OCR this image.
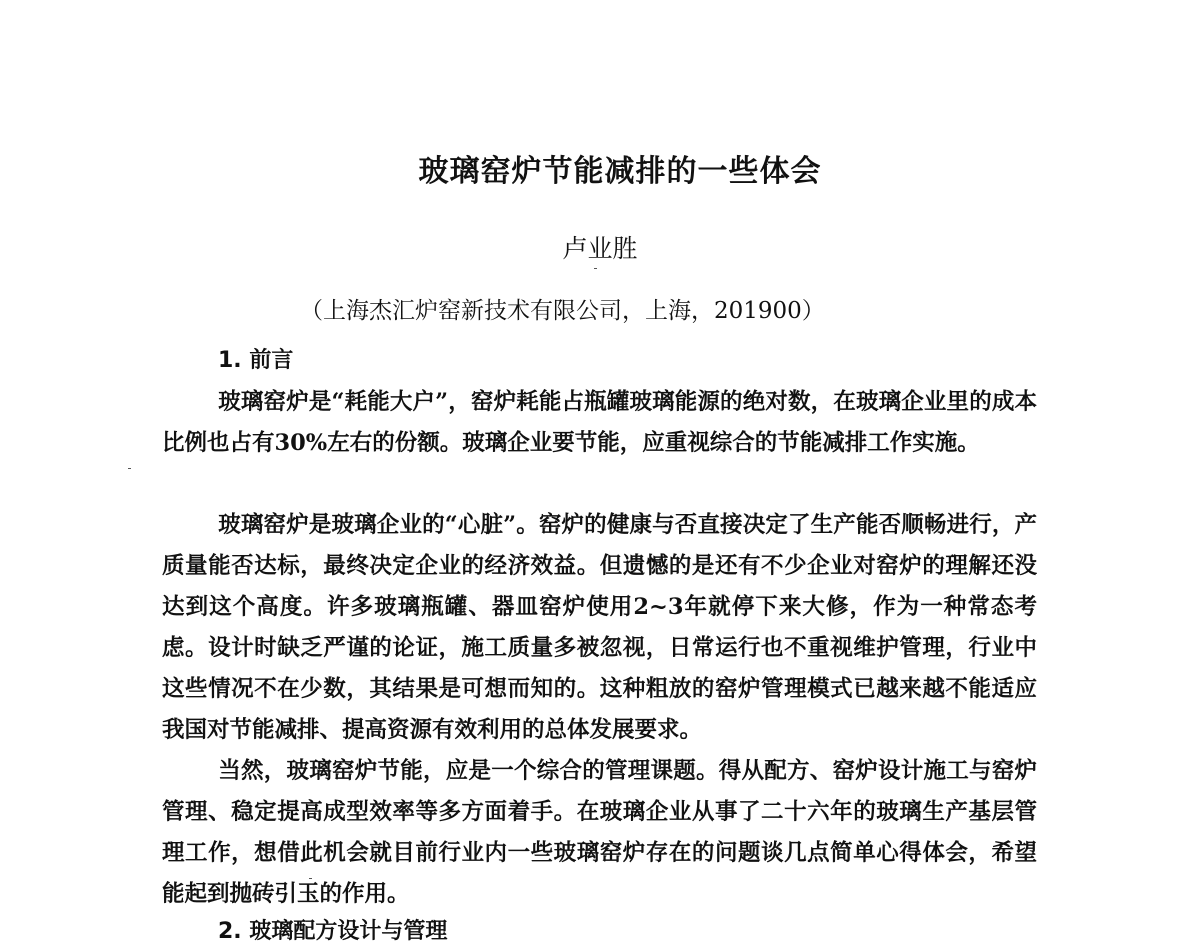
玻璃窑炉节能减排的一些体会
卢业胜
（上海杰汇炉窑新技术有限公司，上海，201900）
1. 前言

玻璃窑炉是“耗能大户”，窑炉耗能占瓶罐玻璃能源的绝对数，在玻璃企业里的成本比例也占有30%左右的份额。玻璃企业要节能，应重视综合的节能减排工作实施。

玻璃窑炉是玻璃企业的“心脏”。窑炉的健康与否直接决定了生产能否顺畅进行，产质量能否达标，最终决定企业的经济效益。但遗憾的是还有不少企业对窑炉的理解还没达到这个高度。许多玻璃瓶罐、器皿窑炉使用2~3年就停下来大修，作为一种常态考虑。设计时缺乏严谨的论证，施工质量多被忽视，日常运行也不重视维护管理，行业中这些情况不在少数，其结果是可想而知的。这种粗放的窑炉管理模式已越来越不能适应我国对节能减排、提高资源有效利用的总体发展要求。

当然，玻璃窑炉节能，应是一个综合的管理课题。得从配方、窑炉设计施工与窑炉管理、稳定提高成型效率等多方面着手。在玻璃企业从事了二十六年的玻璃生产基层管理工作，想借此机会就目前行业内一些玻璃窑炉存在的问题谈几点简单心得体会，希望能起到抛砖引玉的作用。

2. 玻璃配方设计与管理
